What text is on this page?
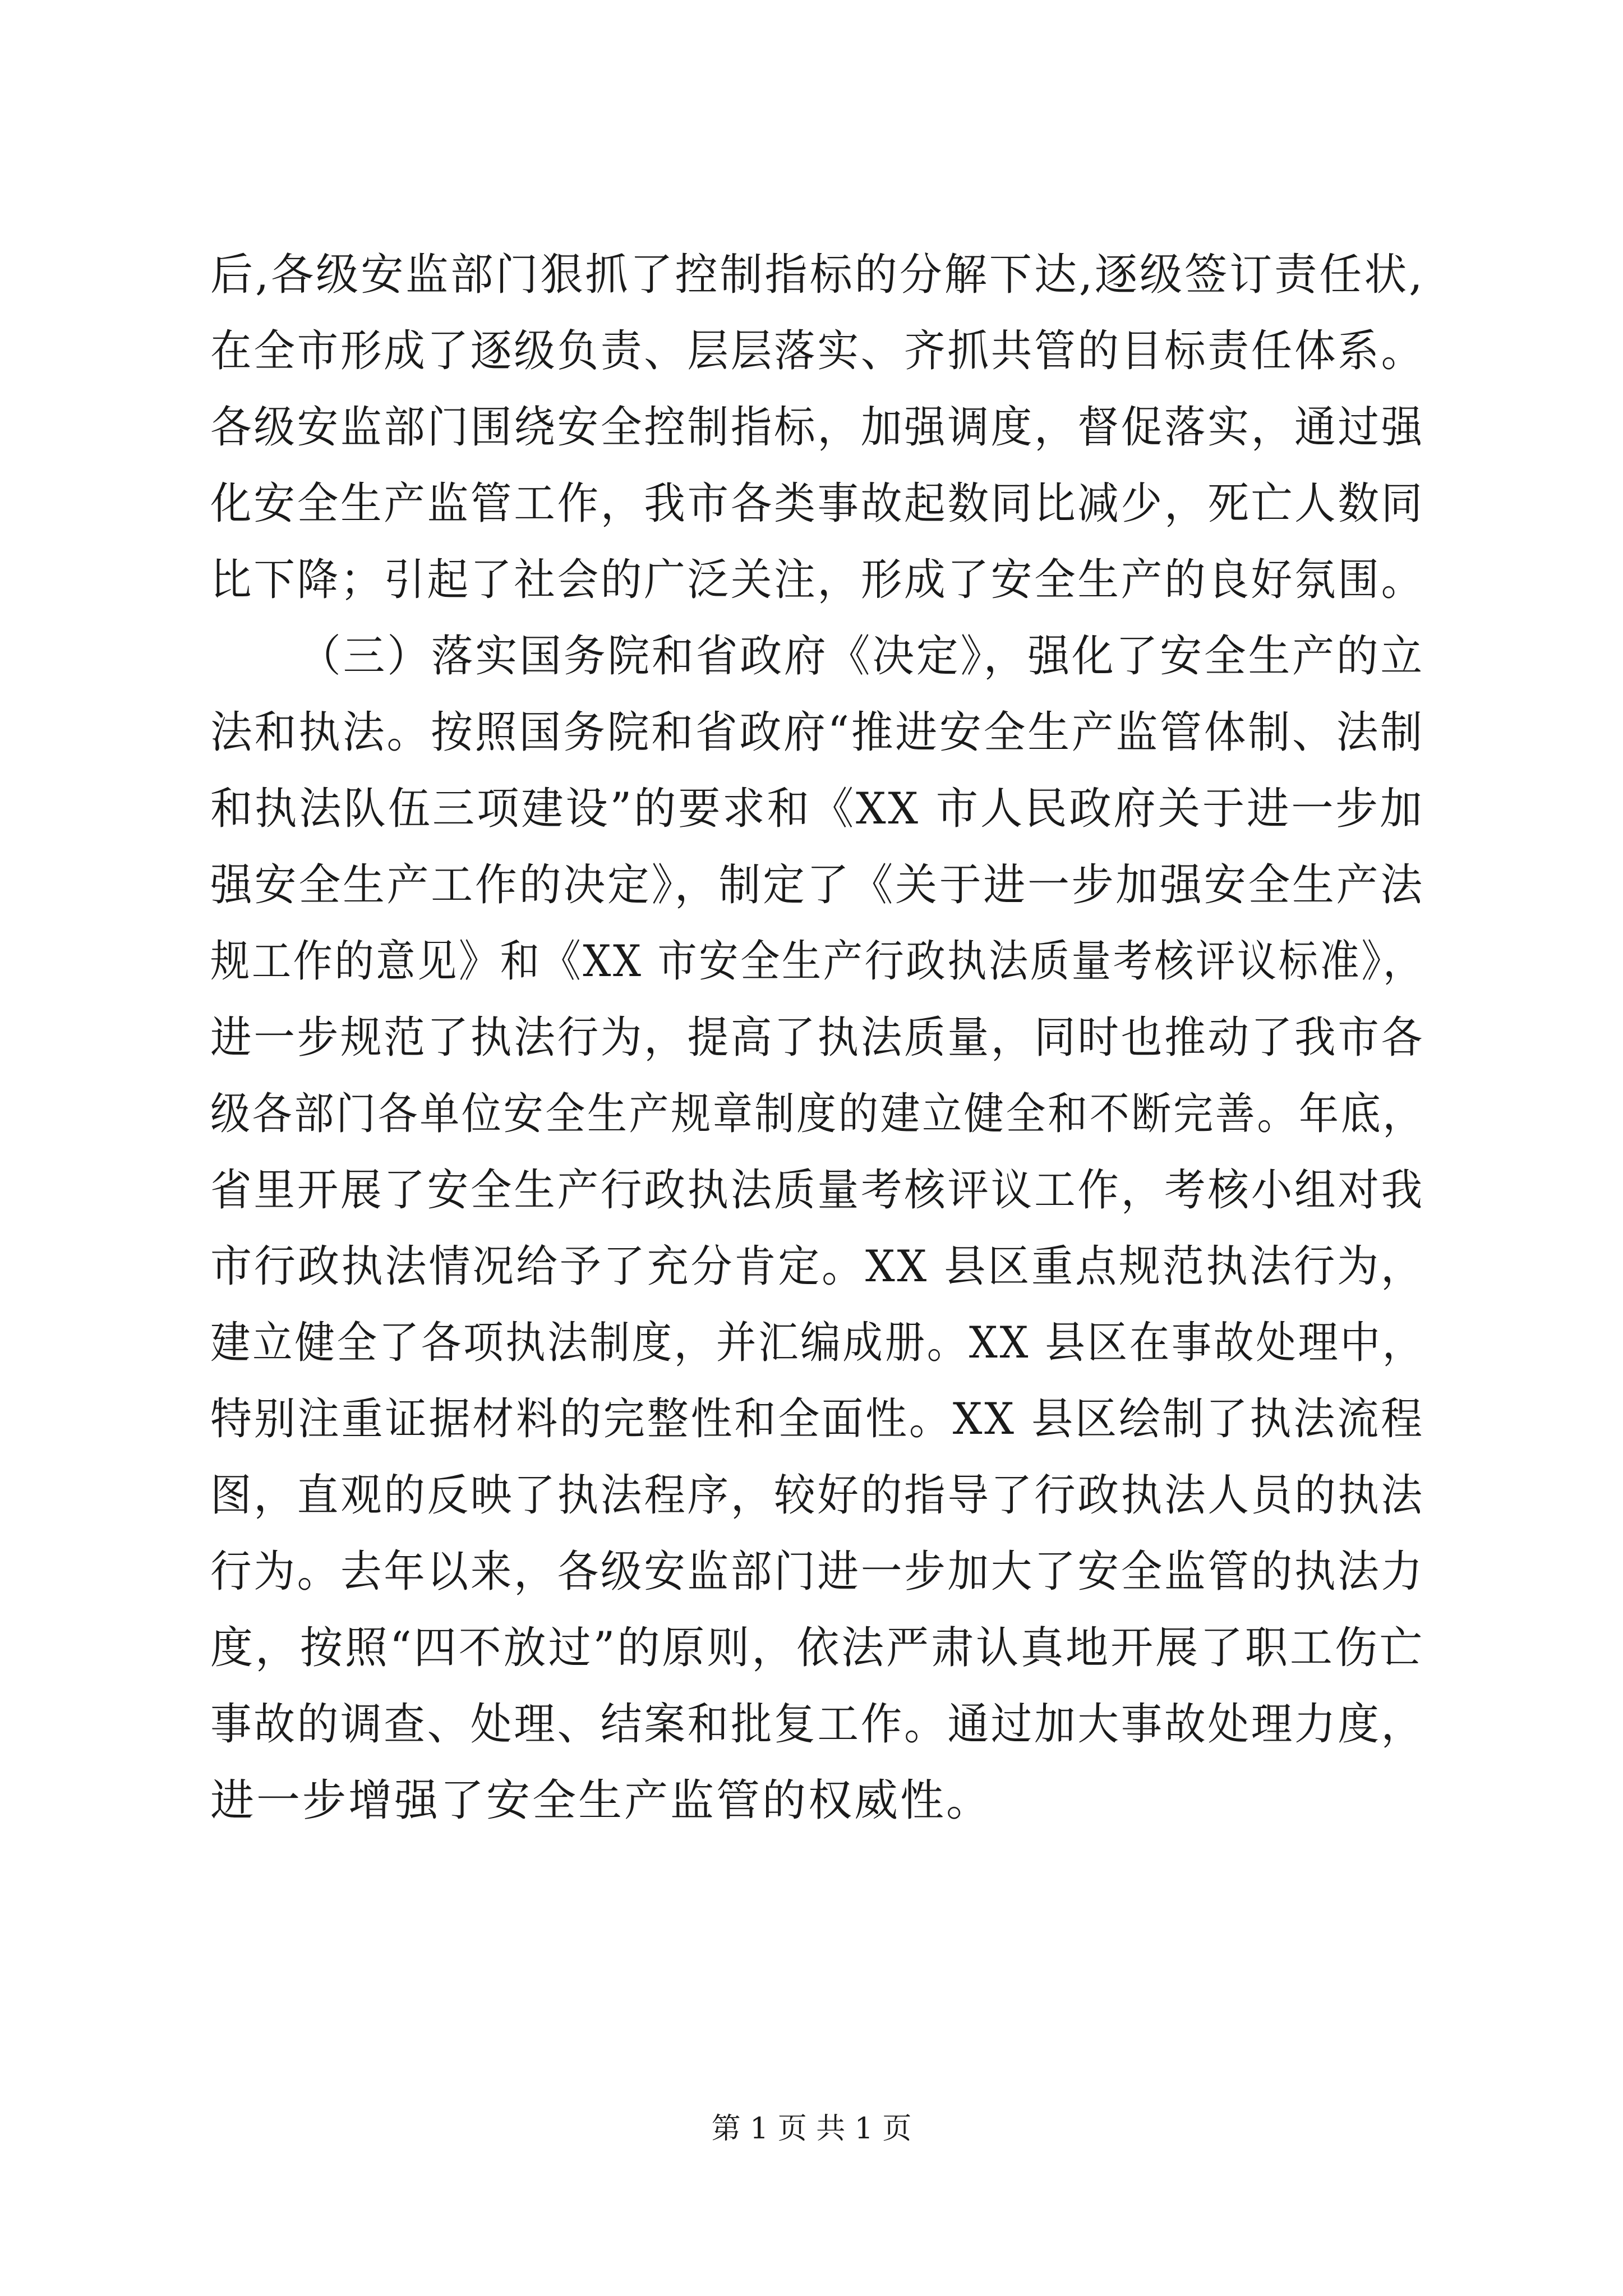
后,各级安监部门狠抓了控制指标的分解下达,逐级签订责任状,
在全市形成了逐级负责、层层落实、齐抓共管的目标责任体系。
各级安监部门围绕安全控制指标，加强调度，督促落实，通过强
化安全生产监管工作，我市各类事故起数同比减少，死亡人数同
比下降；引起了社会的广泛关注，形成了安全生产的良好氛围。
（三）落实国务院和省政府《决定》，强化了安全生产的立
法和执法。按照国务院和省政府“推进安全生产监管体制、法制
和执法队伍三项建设”的要求和《XX 市人民政府关于进一步加
强安全生产工作的决定》，制定了《关于进一步加强安全生产法
规工作的意见》和《XX 市安全生产行政执法质量考核评议标准》，
进一步规范了执法行为，提高了执法质量，同时也推动了我市各
级各部门各单位安全生产规章制度的建立健全和不断完善。年底，
省里开展了安全生产行政执法质量考核评议工作，考核小组对我
市行政执法情况给予了充分肯定。XX 县区重点规范执法行为，
建立健全了各项执法制度，并汇编成册。XX 县区在事故处理中，
特别注重证据材料的完整性和全面性。XX 县区绘制了执法流程
图，直观的反映了执法程序，较好的指导了行政执法人员的执法
行为。去年以来，各级安监部门进一步加大了安全监管的执法力
度，按照“四不放过”的原则，依法严肃认真地开展了职工伤亡
事故的调查、处理、结案和批复工作。通过加大事故处理力度，
进一步增强了安全生产监管的权威性。
第 1 页 共 1 页
